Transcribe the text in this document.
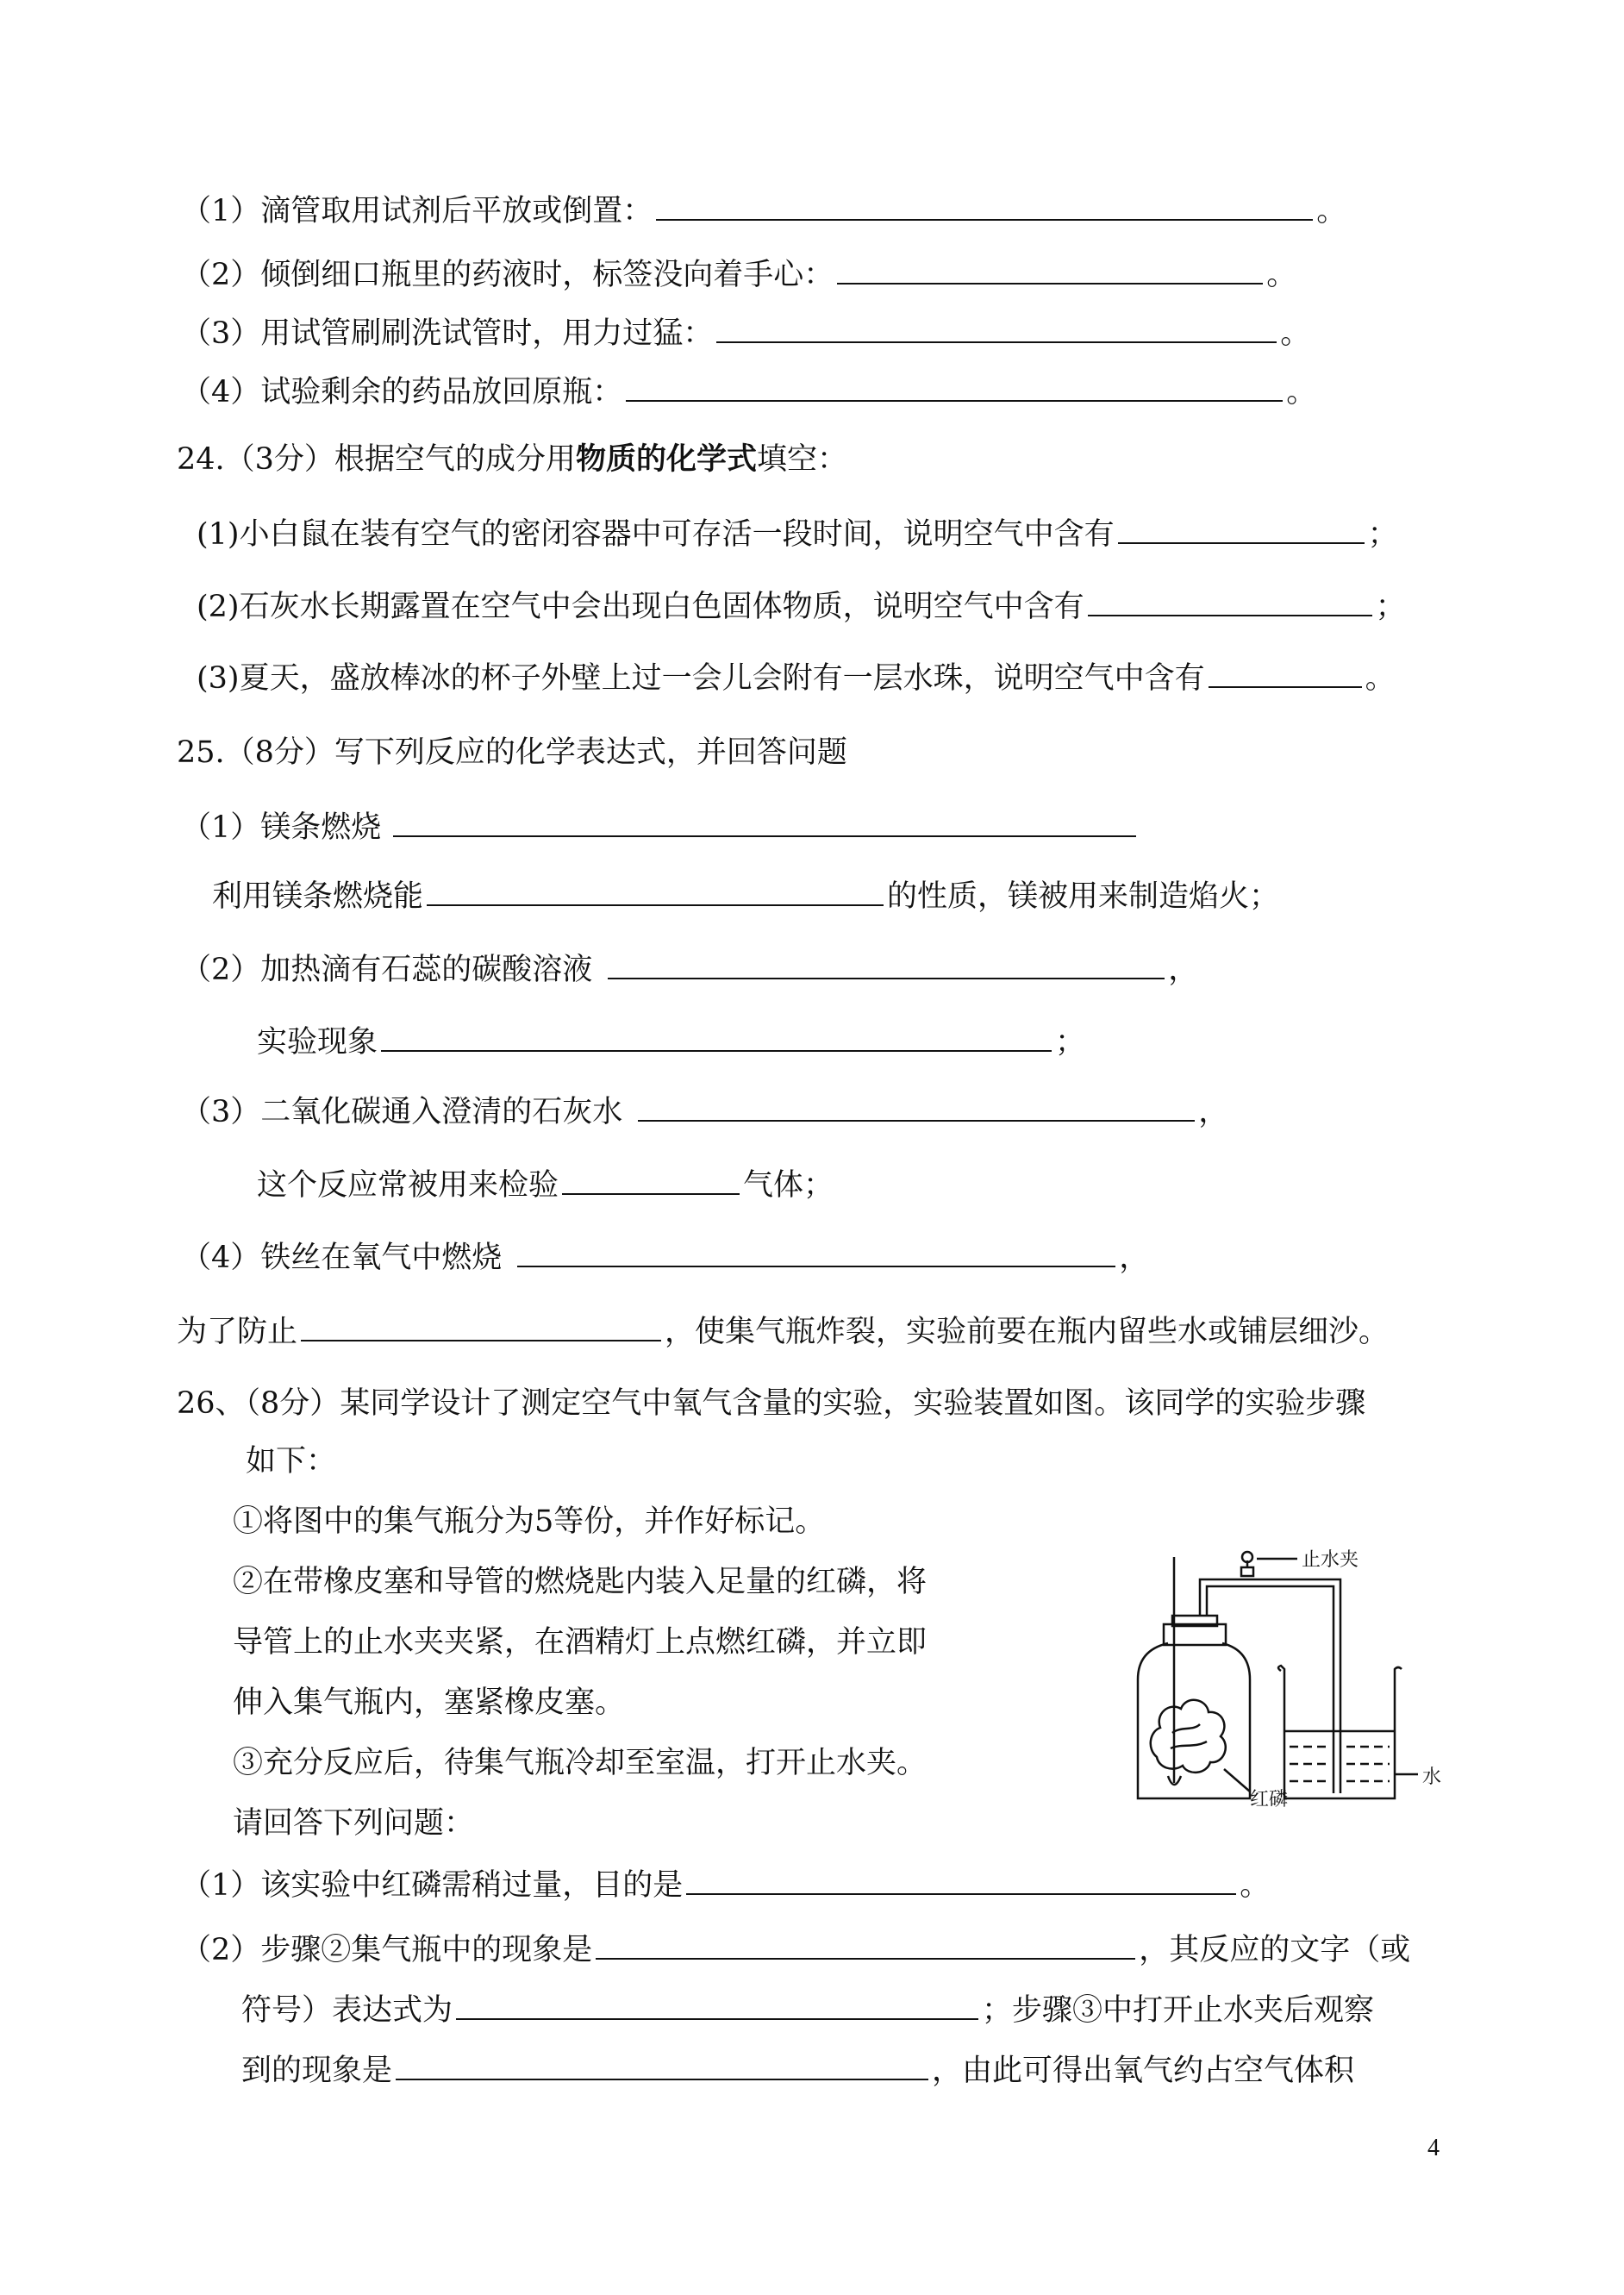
（1）滴管取用试剂后平放或倒置：	。
（2）倾倒细口瓶里的药液时，标签没向着手心：	。
（3）用试管刷刷洗试管时，用力过猛：	。
（4）试验剩余的药品放回原瓶：	。
24.（3分）根据空气的成分用物质的化学式填空：
(1)小白鼠在装有空气的密闭容器中可存活一段时间，说明空气中含有	；
(2)石灰水长期露置在空气中会出现白色固体物质，说明空气中含有	；
(3)夏天，盛放棒冰的杯子外壁上过一会儿会附有一层水珠，说明空气中含有	。
25.（8分）写下列反应的化学表达式，并回答问题
（1）镁条燃烧
利用镁条燃烧能	的性质，镁被用来制造焰火；
（2）加热滴有石蕊的碳酸溶液	，
实验现象	；
（3）二氧化碳通入澄清的石灰水	，
这个反应常被用来检验	气体；
（4）铁丝在氧气中燃烧	，
为了防止	，使集气瓶炸裂，实验前要在瓶内留些水或铺层细沙。
26、（8分）某同学设计了测定空气中氧气含量的实验，实验装置如图。该同学的实验步骤
如下：
①将图中的集气瓶分为5等份，并作好标记。
②在带橡皮塞和导管的燃烧匙内装入足量的红磷，将
导管上的止水夹夹紧，在酒精灯上点燃红磷，并立即
伸入集气瓶内，塞紧橡皮塞。
③充分反应后，待集气瓶冷却至室温，打开止水夹。
请回答下列问题：
（1）该实验中红磷需稍过量，目的是	。
（2）步骤②集气瓶中的现象是	，其反应的文字（或
符号）表达式为	；步骤③中打开止水夹后观察
到的现象是	，由此可得出氧气约占空气体积
止水夹
红磷
水
4
